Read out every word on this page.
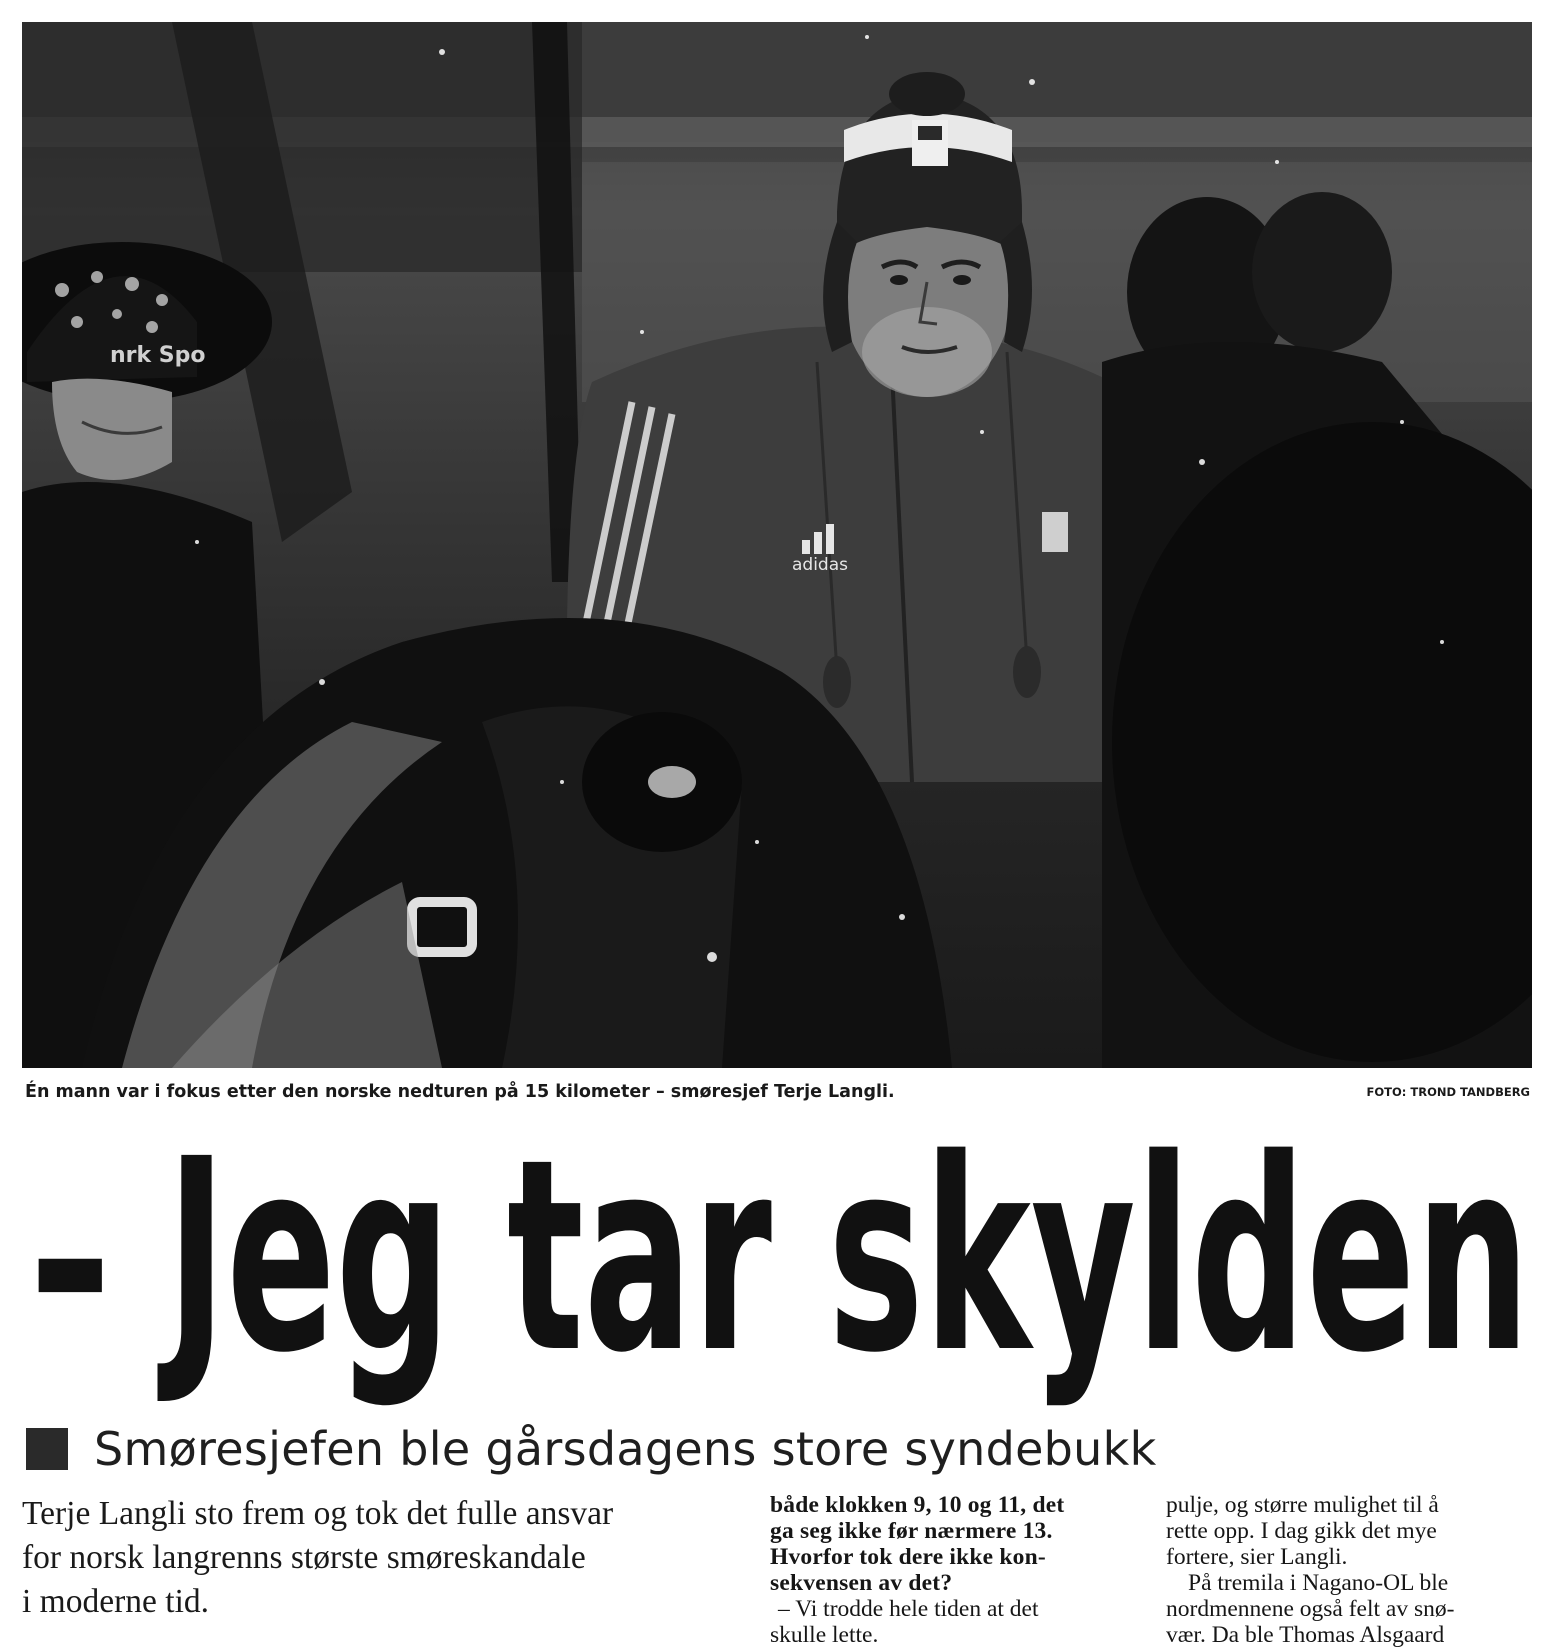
nrk Spo
adidas
Én mann var i fokus etter den norske nedturen på 15 kilometer – smøresjef Terje Langli.	FOTO: TROND TANDBERG
– Jeg tar skylden
Smøresjefen ble gårsdagens store syndebukk

Terje Langli sto frem og tok det fulle ansvar

for norsk langrenns største smøreskandale

i moderne tid.

både klokken 9, 10 og 11, det

ga seg ikke før nærmere 13.

Hvorfor tok dere ikke kon-

sekvensen av det?

– Vi trodde hele tiden at det

skulle lette.

pulje, og større mulighet til å

rette opp. I dag gikk det mye

fortere, sier Langli.

På tremila i Nagano-OL ble

nordmennene også felt av snø-

vær. Da ble Thomas Alsgaard
